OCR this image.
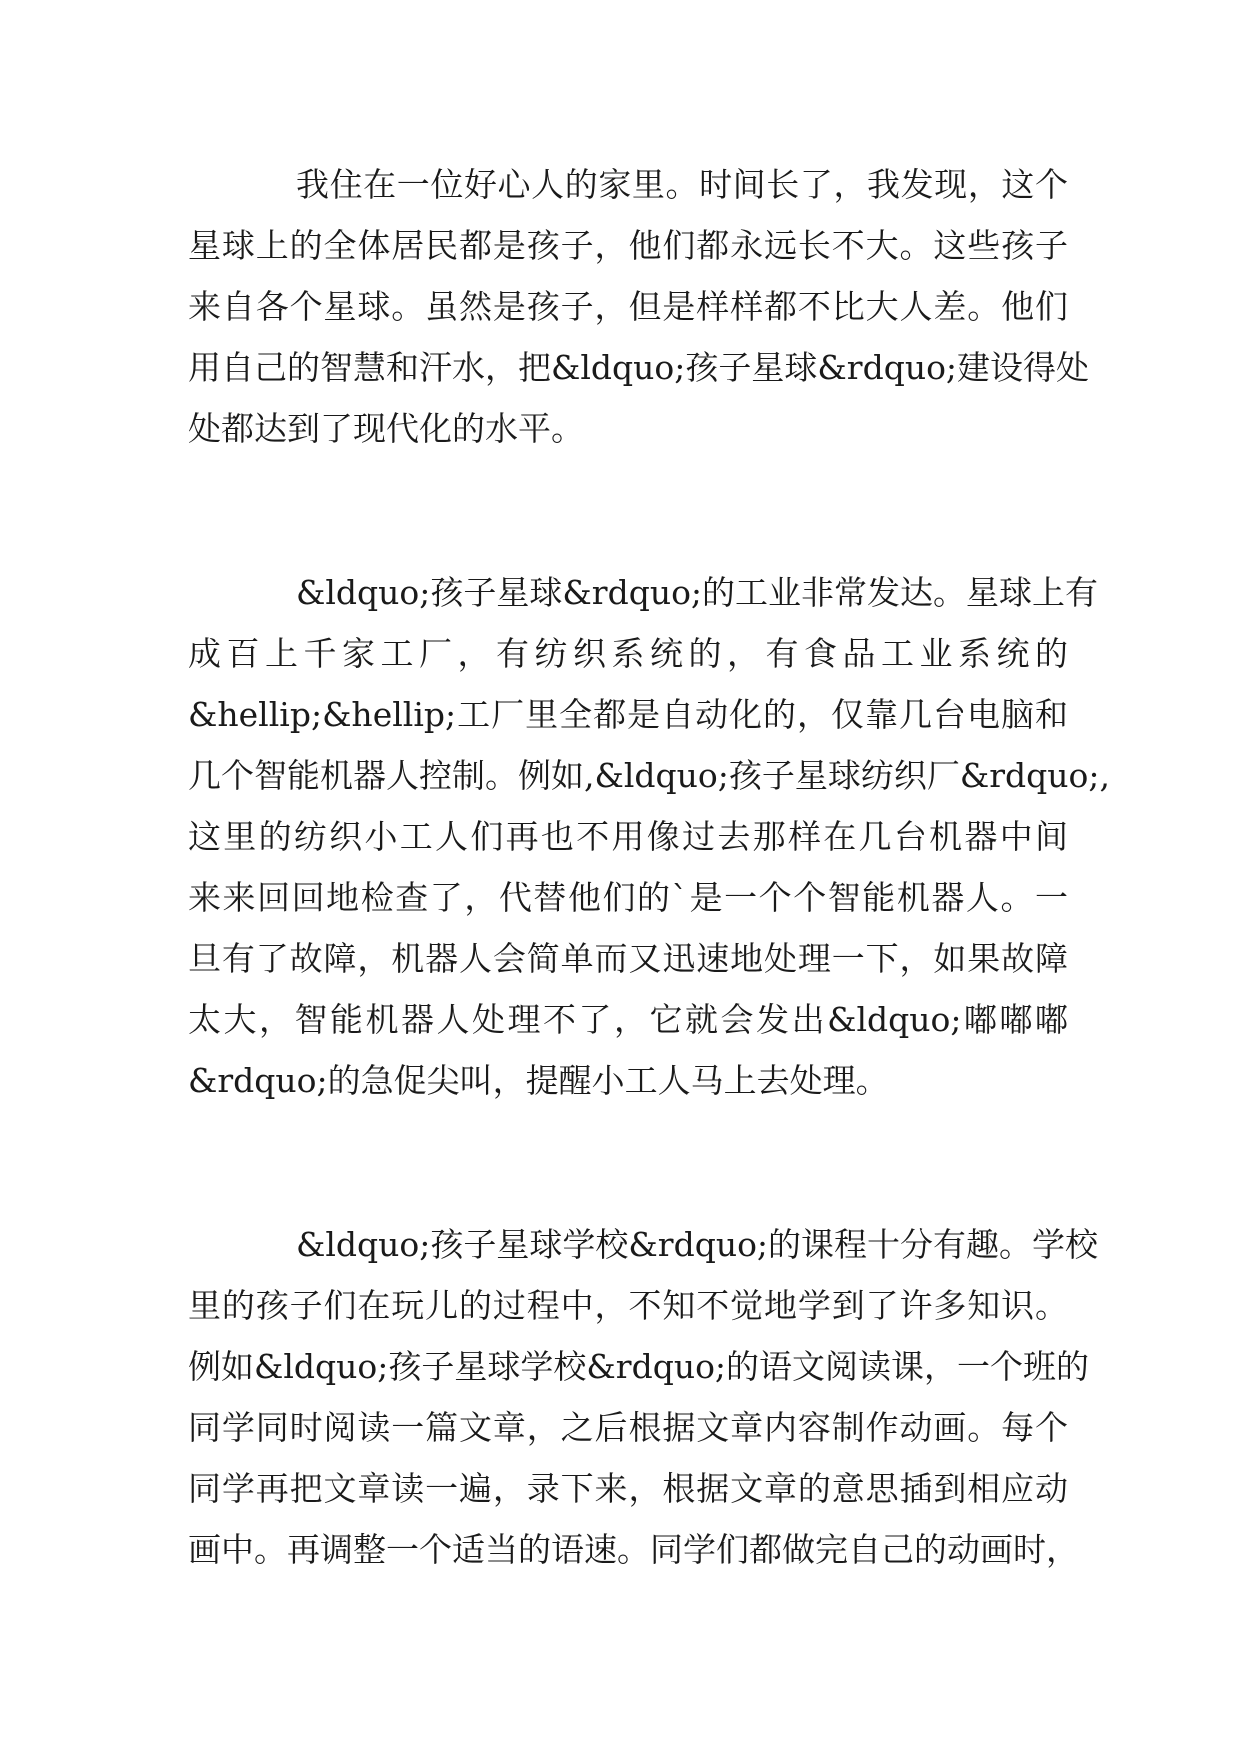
我住在一位好心人的家里。时间长了，我发现，这个
星球上的全体居民都是孩子，他们都永远长不大。这些孩子
来自各个星球。虽然是孩子，但是样样都不比大人差。他们
用自己的智慧和汗水，把&ldquo;孩子星球&rdquo;建设得处
处都达到了现代化的水平。
&ldquo;孩子星球&rdquo;的工业非常发达。星球上有
成百上千家工厂，有纺织系统的，有食品工业系统的
&hellip;&hellip;工厂里全都是自动化的，仅靠几台电脑和
几个智能机器人控制。例如,&ldquo;孩子星球纺织厂&rdquo;,
这里的纺织小工人们再也不用像过去那样在几台机器中间
来来回回地检查了，代替他们的`是一个个智能机器人。一
旦有了故障，机器人会简单而又迅速地处理一下，如果故障
太大，智能机器人处理不了，它就会发出&ldquo;嘟嘟嘟
&rdquo;的急促尖叫，提醒小工人马上去处理。
&ldquo;孩子星球学校&rdquo;的课程十分有趣。学校
里的孩子们在玩儿的过程中，不知不觉地学到了许多知识。
例如&ldquo;孩子星球学校&rdquo;的语文阅读课，一个班的
同学同时阅读一篇文章，之后根据文章内容制作动画。每个
同学再把文章读一遍，录下来，根据文章的意思插到相应动
画中。再调整一个适当的语速。同学们都做完自己的动画时，
